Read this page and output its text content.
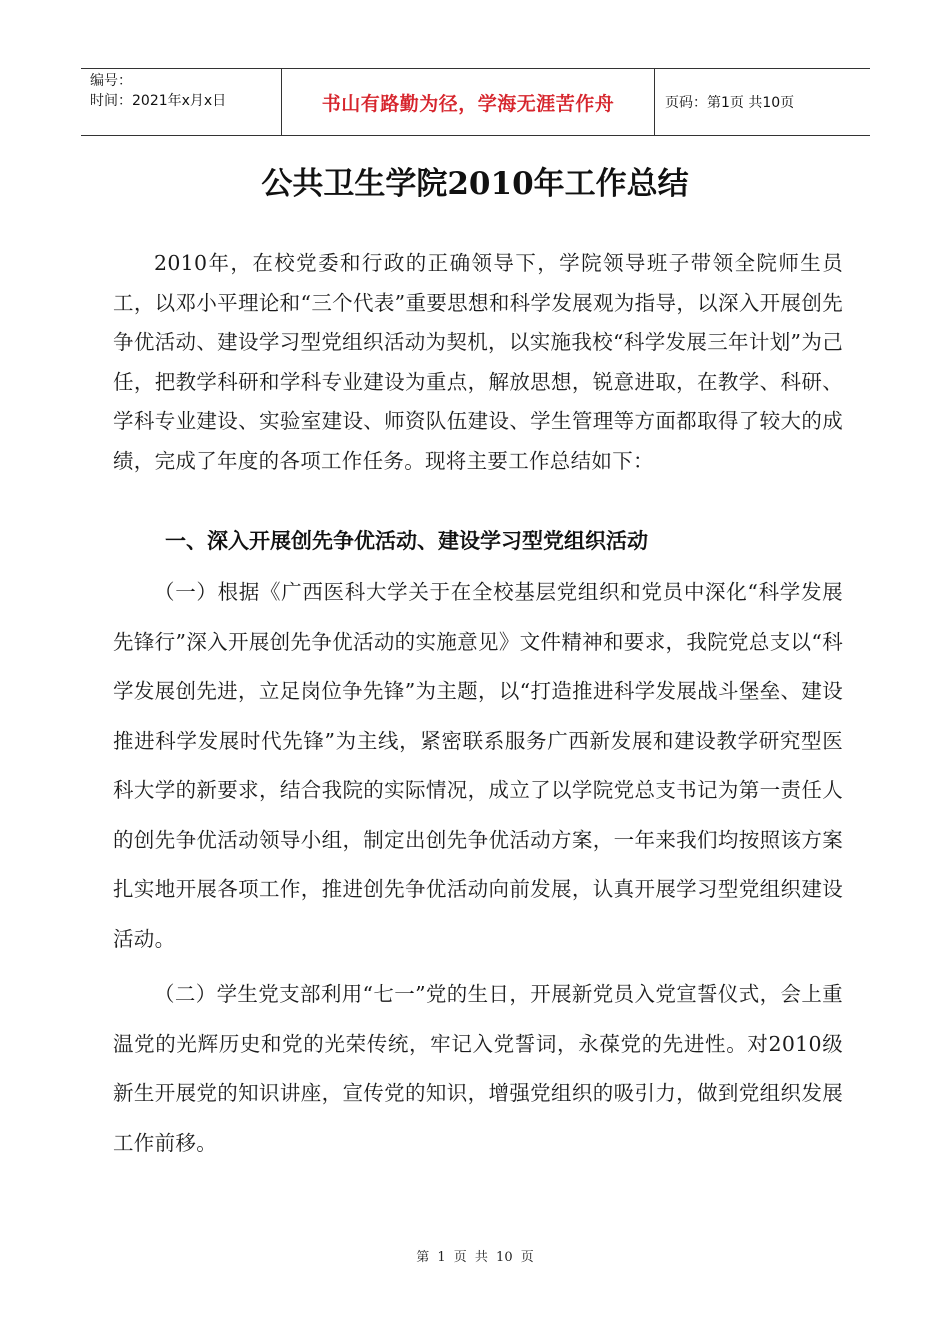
编号：
时间：2021年x月x日	书山有路勤为径，学海无涯苦作舟	页码：第1页 共10页
公共卫生学院2010年工作总结

2010年，在校党委和行政的正确领导下，学院领导班子带领全院师生员工，以邓小平理论和“三个代表”重要思想和科学发展观为指导，以深入开展创先争优活动、建设学习型党组织活动为契机，以实施我校“科学发展三年计划”为己任，把教学科研和学科专业建设为重点，解放思想，锐意进取，在教学、科研、学科专业建设、实验室建设、师资队伍建设、学生管理等方面都取得了较大的成绩，完成了年度的各项工作任务。现将主要工作总结如下：

一、深入开展创先争优活动、建设学习型党组织活动

（一）根据《广西医科大学关于在全校基层党组织和党员中深化“科学发展先锋行”深入开展创先争优活动的实施意见》文件精神和要求，我院党总支以“科学发展创先进，立足岗位争先锋”为主题，以“打造推进科学发展战斗堡垒、建设推进科学发展时代先锋”为主线，紧密联系服务广西新发展和建设教学研究型医科大学的新要求，结合我院的实际情况，成立了以学院党总支书记为第一责任人的创先争优活动领导小组，制定出创先争优活动方案，一年来我们均按照该方案扎实地开展各项工作，推进创先争优活动向前发展，认真开展学习型党组织建设活动。

（二）学生党支部利用“七一”党的生日，开展新党员入党宣誓仪式，会上重温党的光辉历史和党的光荣传统，牢记入党誓词，永葆党的先进性。对2010级新生开展党的知识讲座，宣传党的知识，增强党组织的吸引力，做到党组织发展工作前移。

第 1 页 共 10 页
